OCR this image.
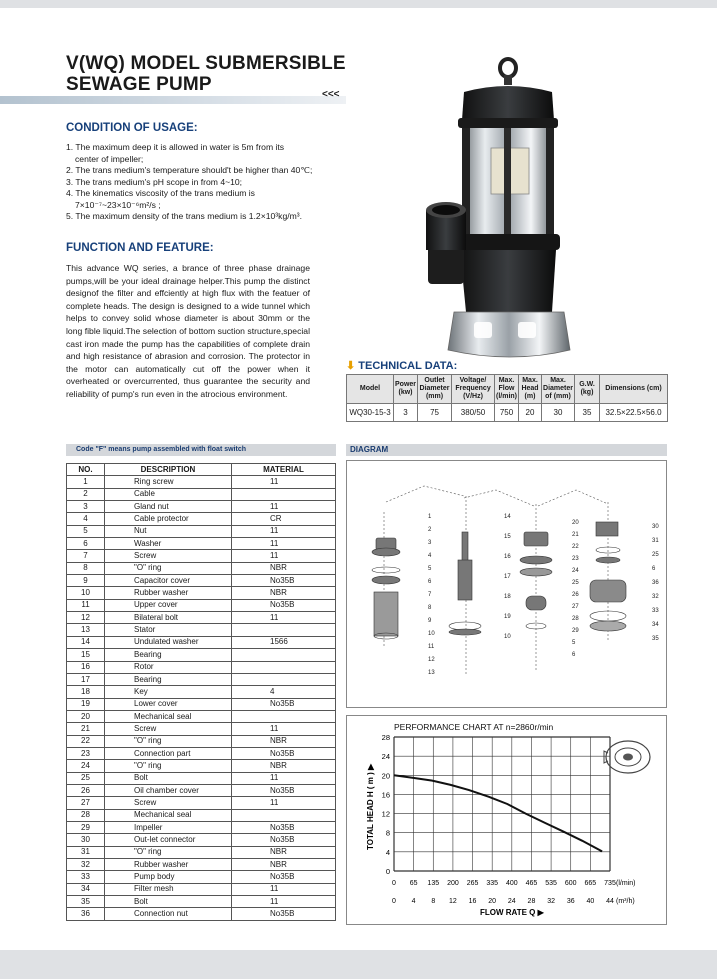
V(WQ) MODEL SUBMERSIBLE
SEWAGE PUMP	<<<
CONDITION OF USAGE:
1. The maximum deep it is allowed in water is 5m from its
center of impeller;
2. The trans medium's temperature should't be higher than 40℃;
3. The trans medium's pH scope in from 4~10;
4. The kinematics viscosity of the trans medium is
7×10⁻⁷~23×10⁻⁶m²/s ;
5. The maximum density of the trans medium is 1.2×10³kg/m³.
FUNCTION AND FEATURE:

This advance WQ series, a brance of three phase drainage pumps,will be your ideal drainage helper.This pump the distinct designof the filter and effciently at high flux with the featuer of complete heads. The design is designed to a wide tunnel which helps to convey solid whose diameter is about 30mm or the long fible liquid.The selection of bottom suction structure,special cast iron made the pump has the capabilities of complete drain and high resistance of abrasion and corrosion. The protector in the motor can automatically cut off the power when it overheated or overcurrented, thus guarantee the security and reliability of pump's run even in the atrocious environment.

⬇ TECHNICAL DATA:
Model	Power (kw)	Outlet Diameter (mm)	Voltage/ Frequency (V/Hz)	Max. Flow (l/min)	Max. Head (m)	Max. Diameter of (mm)	G.W. (kg)	Dimensions (cm)
WQ30-15-3	3	75	380/50	750	20	30	35	32.5×22.5×56.0
Code "F" means pump assembled with float switch
NO.	DESCRIPTION	MATERIAL
1	Ring screw	11
2	Cable	
3	Gland nut	11
4	Cable protector	CR
5	Nut	11
6	Washer	11
7	Screw	11
8	"O" ring	NBR
9	Capacitor cover	No35B
10	Rubber washer	NBR
11	Upper cover	No35B
12	Bilateral bolt	11
13	Stator	
14	Undulated washer	1566
15	Bearing	
16	Rotor	
17	Bearing	
18	Key	4
19	Lower cover	No35B
20	Mechanical seal	
21	Screw	11
22	"O" ring	NBR
23	Connection part	No35B
24	"O" ring	NBR
25	Bolt	11
26	Oil chamber cover	No35B
27	Screw	11
28	Mechanical seal	
29	Impeller	No35B
30	Out-let connector	No35B
31	"O" ring	NBR
32	Rubber washer	NBR
33	Pump body	No35B
34	Filter mesh	11
35	Bolt	11
36	Connection nut	No35B
DIAGRAM
1
2
3
4
5
6
7
8
9
10
11
12
13
14
15
16
17
18
19
10
20
21
22
23
24
25
26
27
28
29
5
6
30
31
25
6
36
32
33
34
35
PERFORMANCE CHART AT n=2860r/min
0
4
8
12
16
20
24
28
0 65 135 200 265 335 400 465 535 600 665 735
0 4 8 12 16 20 24 28 32 36 40 44
(l/min)
(m³/h)
FLOW RATE Q ▶
TOTAL HEAD H ( m ) ▶
